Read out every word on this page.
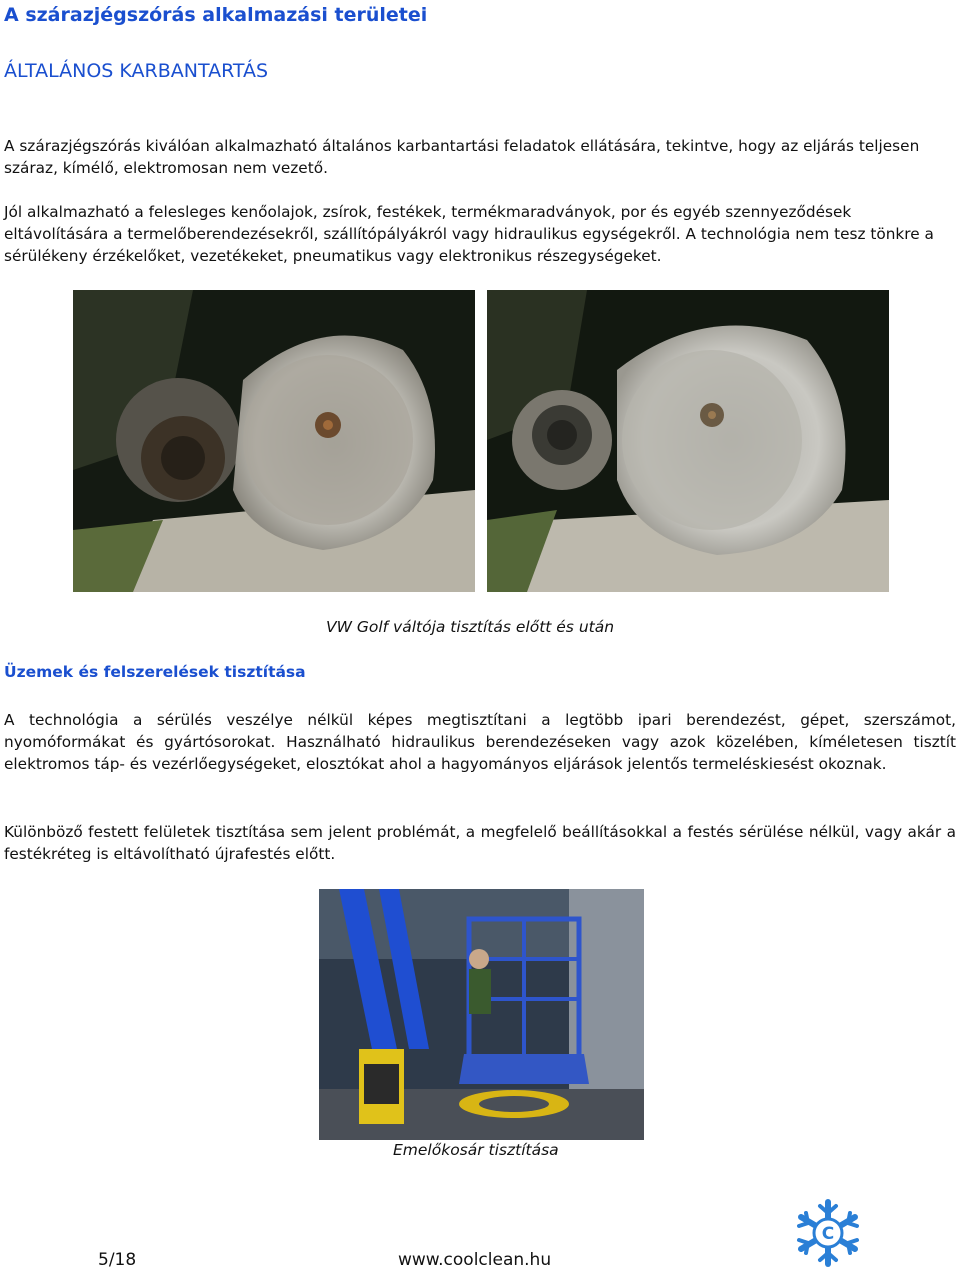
A szárazjégszórás alkalmazási területei
ÁLTALÁNOS KARBANTARTÁS

A szárazjégszórás kiválóan alkalmazható általános karbantartási feladatok ellátására, tekintve, hogy az eljárás teljesen száraz, kímélő, elektromosan nem vezető.

Jól alkalmazható a felesleges kenőolajok, zsírok, festékek, termékmaradványok, por és egyéb szennyeződések eltávolítására a termelőberendezésekről, szállítópályákról vagy hidraulikus egységekről. A technológia nem tesz tönkre a sérülékeny érzékelőket, vezetékeket, pneumatikus vagy elektronikus részegységeket.

VW Golf váltója tisztítás előtt és után

Üzemek és felszerelések tisztítása

A technológia a sérülés veszélye nélkül képes megtisztítani a legtöbb ipari berendezést, gépet, szerszámot, nyomóformákat és gyártósorokat. Használható hidraulikus berendezéseken vagy azok közelében, kíméletesen tisztít elektromos táp- és vezérlőegységeket, elosztókat ahol a hagyományos eljárások jelentős termeléskiesést okoznak.

Különböző festett felületek tisztítása sem jelent problémát, a megfelelő beállításokkal a festés sérülése nélkül, vagy akár a festékréteg is eltávolítható újrafestés előtt.

Emelőkosár tisztítása

C

5/18	www.coolclean.hu
